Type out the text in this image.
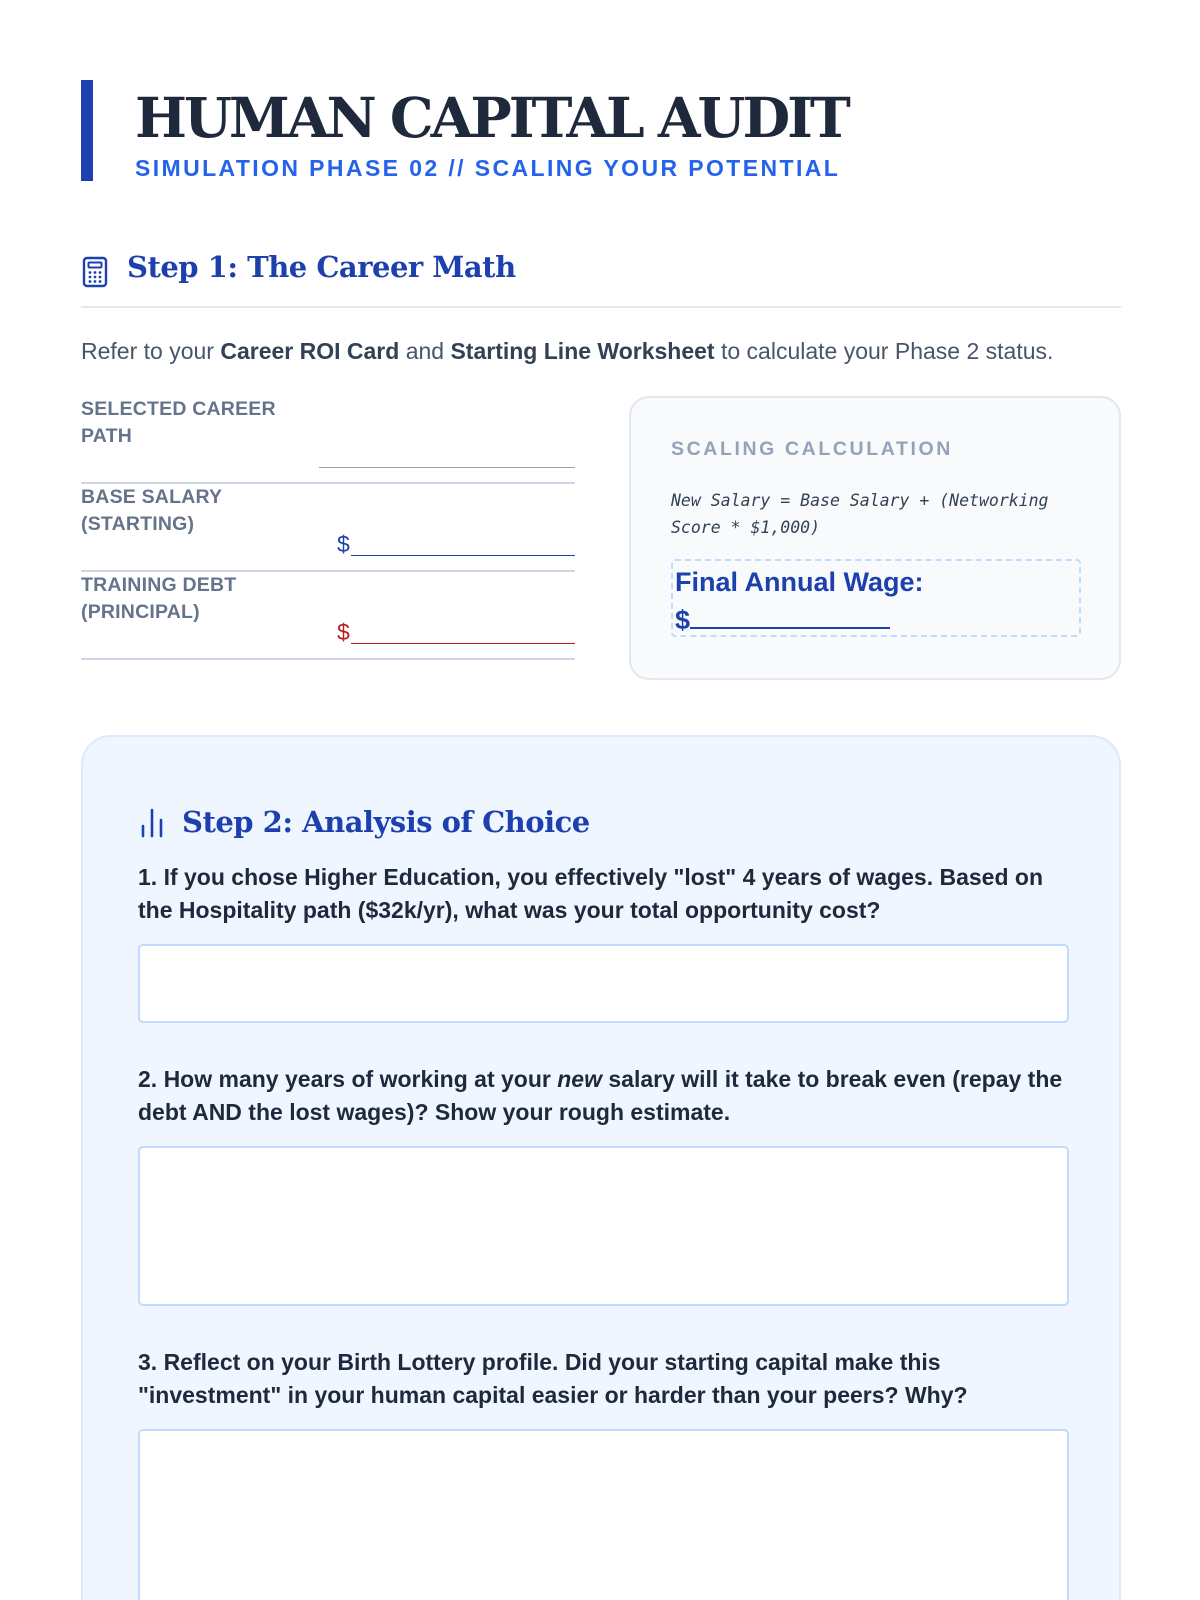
HUMAN CAPITAL AUDIT
SIMULATION PHASE 02 // SCALING YOUR POTENTIAL
Step 1: The Career Math

Refer to your Career ROI Card and Starting Line Worksheet to calculate your Phase 2 status.

SELECTED CAREER PATH
BASE SALARY (STARTING)
$
TRAINING DEBT (PRINCIPAL)
$
SCALING CALCULATION
New Salary = Base Salary + (Networking Score * $1,000)
Final Annual Wage:
$
Step 2: Analysis of Choice

1. If you chose Higher Education, you effectively "lost" 4 years of wages. Based on the Hospitality path ($32k/yr), what was your total opportunity cost?

2. How many years of working at your new salary will it take to break even (repay the debt AND the lost wages)? Show your rough estimate.

3. Reflect on your Birth Lottery profile. Did your starting capital make this "investment" in your human capital easier or harder than your peers? Why?
